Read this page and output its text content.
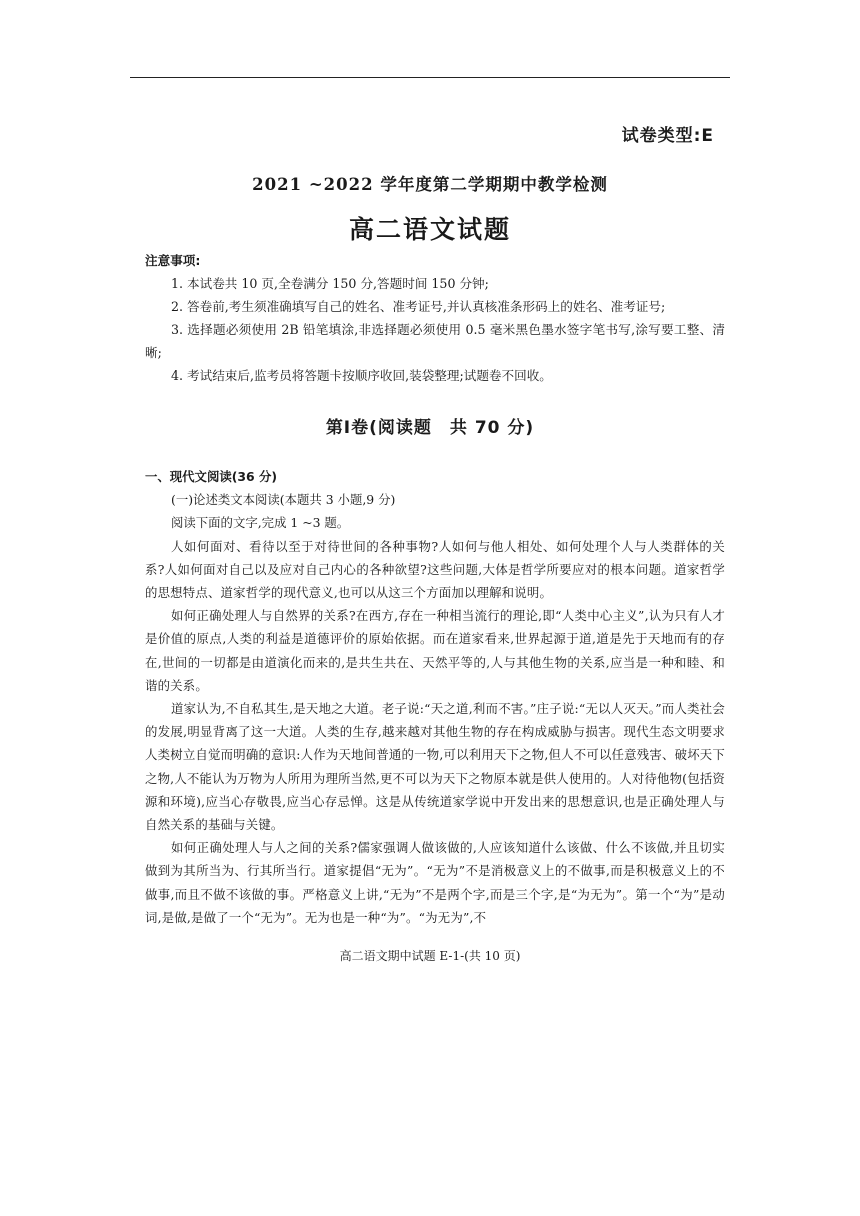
试卷类型:E
2021 ~2022 学年度第二学期期中教学检测
高二语文试题
注意事项:
1. 本试卷共 10 页,全卷满分 150 分,答题时间 150 分钟;
2. 答卷前,考生须准确填写自己的姓名、准考证号,并认真核准条形码上的姓名、准考证号;
3. 选择题必须使用 2B 铅笔填涂,非选择题必须使用 0.5 毫米黑色墨水签字笔书写,涂写要工整、清晰;
4. 考试结束后,监考员将答题卡按顺序收回,装袋整理;试题卷不回收。
第Ⅰ卷(阅读题　共 70 分)
一、现代文阅读(36 分)
(一)论述类文本阅读(本题共 3 小题,9 分)
阅读下面的文字,完成 1 ~3 题。
人如何面对、看待以至于对待世间的各种事物?人如何与他人相处、如何处理个人与人类群体的关系?人如何面对自己以及应对自己内心的各种欲望?这些问题,大体是哲学所要应对的根本问题。道家哲学的思想特点、道家哲学的现代意义,也可以从这三个方面加以理解和说明。
如何正确处理人与自然界的关系?在西方,存在一种相当流行的理论,即“人类中心主义”,认为只有人才是价值的原点,人类的利益是道德评价的原始依据。而在道家看来,世界起源于道,道是先于天地而有的存在,世间的一切都是由道演化而来的,是共生共在、天然平等的,人与其他生物的关系,应当是一种和睦、和谐的关系。
道家认为,不自私其生,是天地之大道。老子说:“天之道,利而不害。”庄子说:“无以人灭天。”而人类社会的发展,明显背离了这一大道。人类的生存,越来越对其他生物的存在构成威胁与损害。现代生态文明要求人类树立自觉而明确的意识:人作为天地间普通的一物,可以利用天下之物,但人不可以任意残害、破坏天下之物,人不能认为万物为人所用为理所当然,更不可以为天下之物原本就是供人使用的。人对待他物(包括资源和环境),应当心存敬畏,应当心存忌惮。这是从传统道家学说中开发出来的思想意识,也是正确处理人与自然关系的基础与关键。
如何正确处理人与人之间的关系?儒家强调人做该做的,人应该知道什么该做、什么不该做,并且切实做到为其所当为、行其所当行。道家提倡“无为”。“无为”不是消极意义上的不做事,而是积极意义上的不做事,而且不做不该做的事。严格意义上讲,“无为”不是两个字,而是三个字,是“为无为”。第一个“为”是动词,是做,是做了一个“无为”。无为也是一种“为”。“为无为”,不
高二语文期中试题 E-1-(共 10 页)
